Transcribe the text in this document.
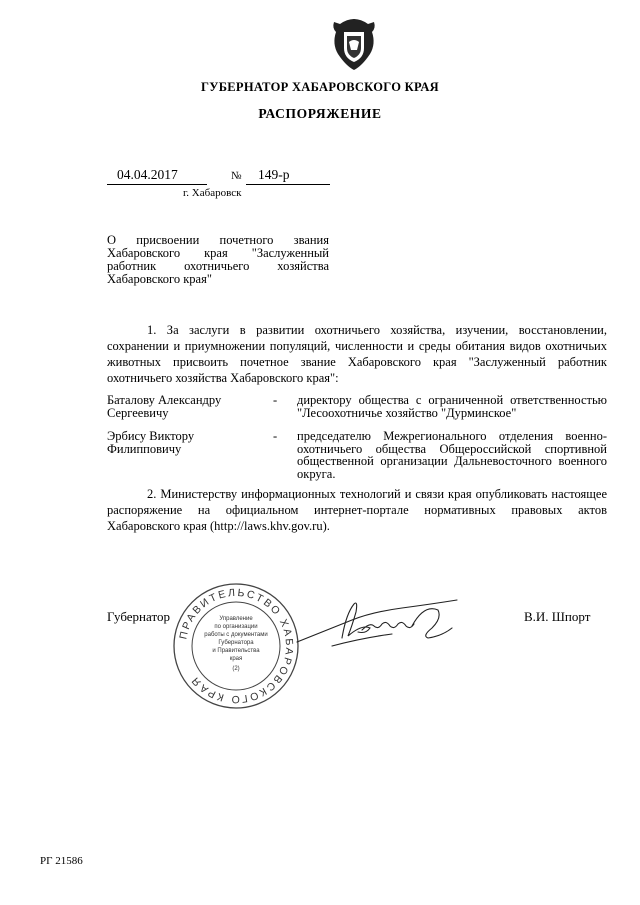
ГУБЕРНАТОР ХАБАРОВСКОГО КРАЯ
РАСПОРЯЖЕНИЕ
04.04.2017	№ 149-р
г. Хабаровск
О присвоении почетного звания Хабаровского края "Заслуженный работник охотничьего хозяйства Хабаровского края"
1. За заслуги в развитии охотничьего хозяйства, изучении, восстановлении, сохранении и приумножении популяций, численности и среды обитания видов охотничьих животных присвоить почетное звание Хабаровского края "Заслуженный работник охотничьего хозяйства Хабаровского края":
Баталову Александру Сергеевичу
- директору общества с ограниченной ответственностью "Лесоохотничье хозяйство "Дурминское"
Эрбису Виктору Филипповичу
- председателю Межрегионального отделения военно-охотничьего общества Общероссийской спортивной общественной организации Дальневосточного военного округа.
2. Министерству информационных технологий и связи края опубликовать настоящее распоряжение на официальном интернет-портале нормативных правовых актов Хабаровского края (http://laws.khv.gov.ru).
Губернатор	В.И. Шпорт
ПРАВИТЕЛЬСТВО ХАБАРОВСКОГО КРАЯ
Управление
по организации
работы с документами
Губернатора
и Правительства
края
(2)
РГ 21586
